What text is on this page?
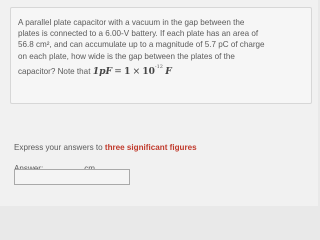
A parallel plate capacitor with a vacuum in the gap between the
plates is connected to a 6.00-V battery. If each plate has an area of
56.8 cm², and can accumulate up to a magnitude of 5.7 pC of charge
on each plate, how wide is the gap between the plates of the
capacitor? Note that $1pF = 1 \times 10^{-12}$ F
Express your answers to three significant figures
